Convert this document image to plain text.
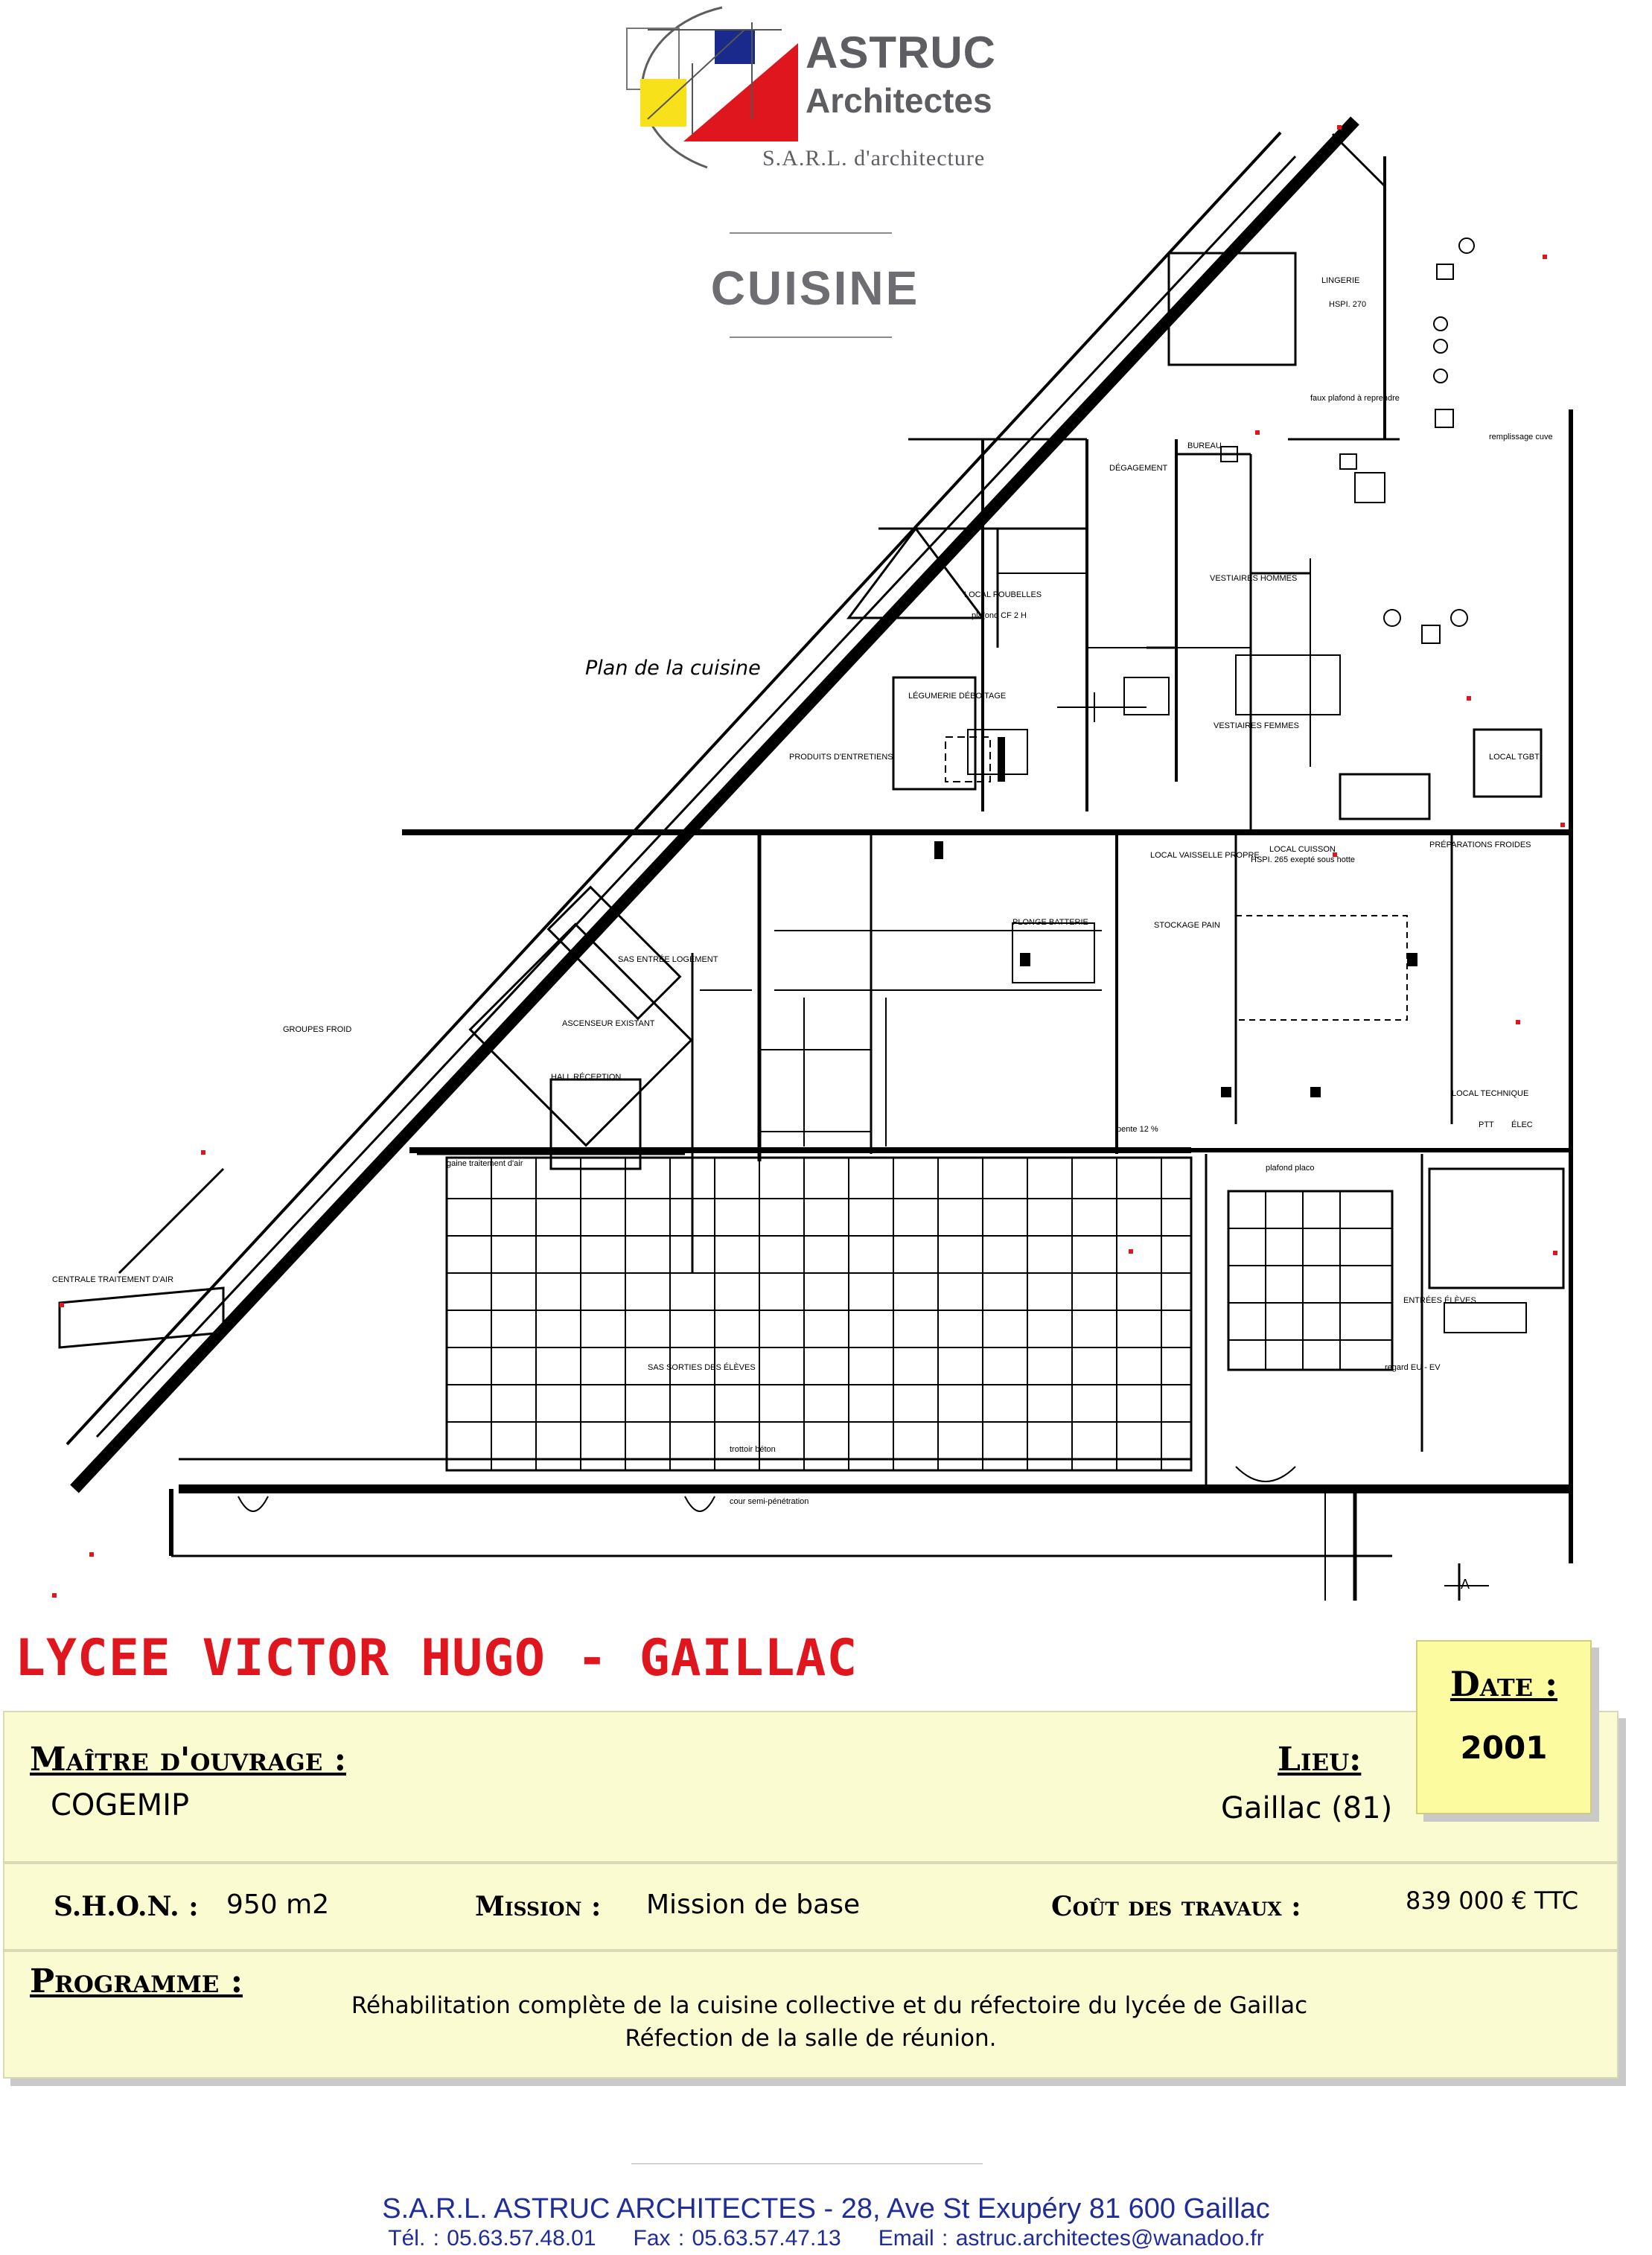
ASTRUC
Architectes
S.A.R.L. d'architecture
CUISINE	LINGERIE
HSPI. 270
faux plafond à reprendre
remplissage cuve
BUREAU
DÉGAGEMENT
LOCAL POUBELLES
plafond CF 2 H
VESTIAIRES HOMMES
VESTIAIRES FEMMES
LÉGUMERIE DÉBOITAGE
PRODUITS D'ENTRETIENS	LOCAL TGBT
LOCAL VAISSELLE PROPRE
LOCAL CUISSON
HSPI. 265 exepté sous hotte
PRÉPARATIONS FROIDES
PLONGE BATTERIE	STOCKAGE PAIN
SAS ENTRÉE LOGEMENT
ASCENSEUR EXISTANT
HALL RÉCEPTION
GROUPES FROID
LOCAL TECHNIQUE
PTT ÉLEC
CENTRALE TRAITEMENT D'AIR
gaine traitement d'air
SAS SORTIES DES ÉLÈVES
ENTRÉES ÉLÈVES
regard EU - EV
trottoir béton
cour semi-pénétration
pente 12 %
plafond placo
A
Plan de la cuisine
LYCEE VICTOR HUGO - GAILLAC
Maître d'ouvrage :
COGEMIP
Lieu:
Gaillac (81)
S.H.O.N. : 950 m2	Mission : Mission de base	Coût des travaux :	839 000 € TTC
Programme :
Réhabilitation complète de la cuisine collective et du réfectoire du lycée de Gaillac
Réfection de la salle de réunion.
Date :
2001
S.A.R.L. ASTRUC ARCHITECTES - 28, Ave St Exupéry 81 600 Gaillac
Tél. : 05.63.57.48.01 Fax : 05.63.57.47.13 Email : astruc.architectes@wanadoo.fr
